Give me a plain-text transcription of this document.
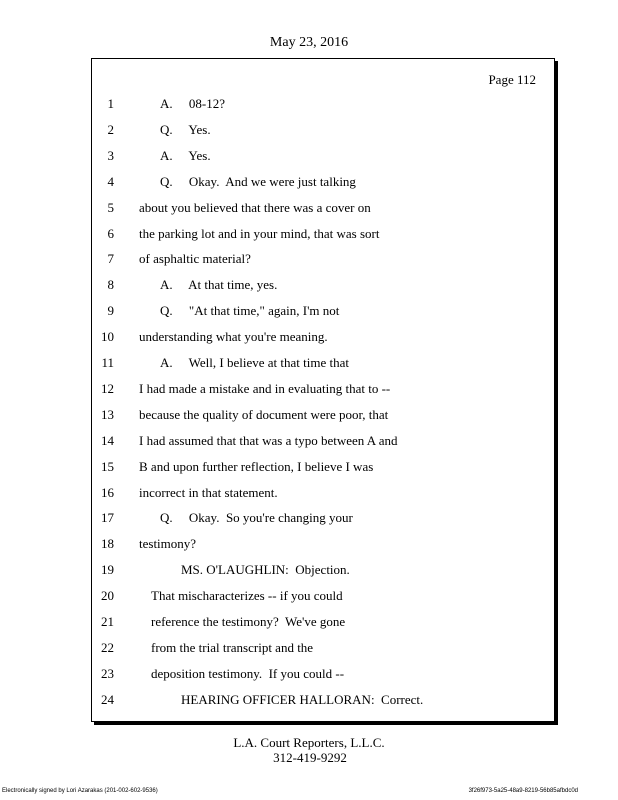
May 23, 2016
Page 112
1	A.     08-12?
2	Q.     Yes.
3	A.     Yes.
4	Q.     Okay.  And we were just talking
5 about you believed that there was a cover on
6 the parking lot and in your mind, that was sort
7 of asphaltic material?
8	A.     At that time, yes.
9	Q.     "At that time," again, I'm not
10 understanding what you're meaning.
11	A.     Well, I believe at that time that
12 I had made a mistake and in evaluating that to --
13 because the quality of document were poor, that
14 I had assumed that that was a typo between A and
15 B and upon further reflection, I believe I was
16 incorrect in that statement.
17	Q.     Okay.  So you're changing your
18 testimony?
19	MS. O'LAUGHLIN:  Objection.
20	That mischaracterizes -- if you could
21	reference the testimony?  We've gone
22	from the trial transcript and the
23	deposition testimony.  If you could --
24	HEARING OFFICER HALLORAN:  Correct.
L.A. Court Reporters, L.L.C.
312-419-9292
Electronically signed by Lori Azarakas (201-002-602-9536)	3f26f973-5a25-48a9-8219-56b85afbdc0d
